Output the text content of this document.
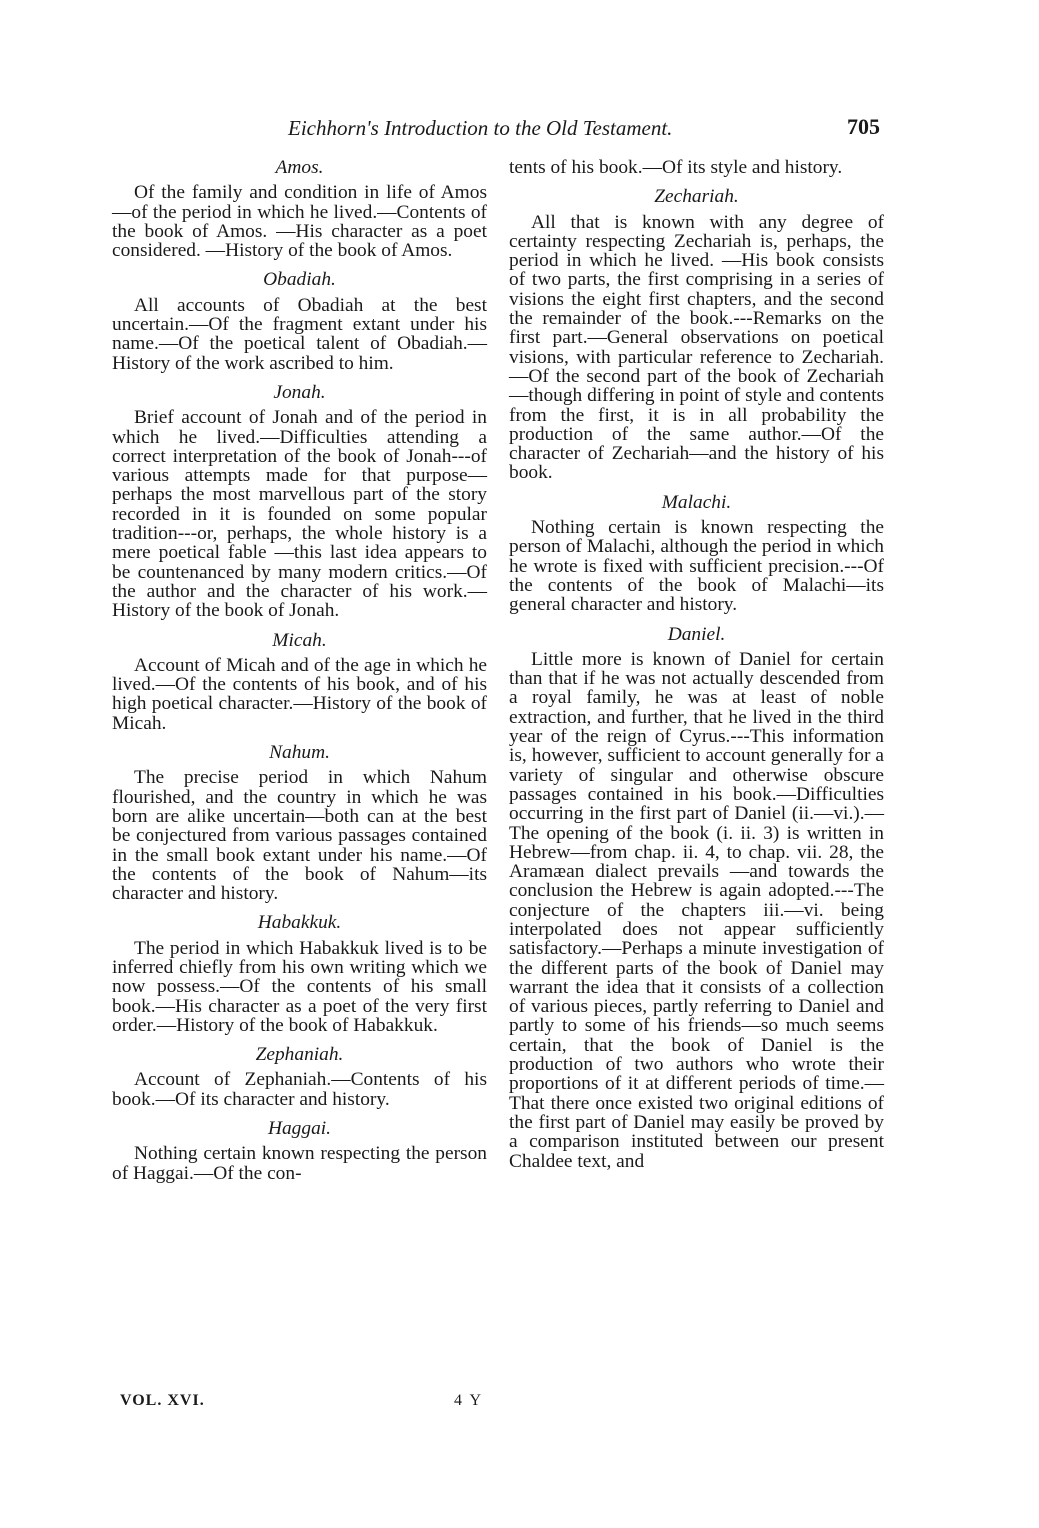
Eichhorn's Introduction to the Old Testament.	705
Amos.

Of the family and condition in life of Amos—of the period in which he lived.—Contents of the book of Amos. —His character as a poet considered. —History of the book of Amos.

Obadiah.

All accounts of Obadiah at the best uncertain.—Of the fragment extant under his name.—Of the poetical talent of Obadiah.—History of the work ascribed to him.

Jonah.

Brief account of Jonah and of the period in which he lived.—Difficulties attending a correct interpretation of the book of Jonah---of various attempts made for that purpose—perhaps the most marvellous part of the story recorded in it is founded on some popular tradition---or, perhaps, the whole history is a mere poetical fable —this last idea appears to be countenanced by many modern critics.—Of the author and the character of his work.—History of the book of Jonah.

Micah.

Account of Micah and of the age in which he lived.—Of the contents of his book, and of his high poetical character.—History of the book of Micah.

Nahum.

The precise period in which Nahum flourished, and the country in which he was born are alike uncertain—both can at the best be conjectured from various passages contained in the small book extant under his name.—Of the contents of the book of Nahum—its character and history.

Habakkuk.

The period in which Habakkuk lived is to be inferred chiefly from his own writing which we now possess.—Of the contents of his small book.—His character as a poet of the very first order.—History of the book of Habakkuk.

Zephaniah.

Account of Zephaniah.—Contents of his book.—Of its character and history.

Haggai.

Nothing certain known respecting the person of Haggai.—Of the con-

tents of his book.—Of its style and history.

Zechariah.

All that is known with any degree of certainty respecting Zechariah is, perhaps, the period in which he lived. —His book consists of two parts, the first comprising in a series of visions the eight first chapters, and the second the remainder of the book.---Remarks on the first part.—General observations on poetical visions, with particular reference to Zechariah.—Of the second part of the book of Zechariah —though differing in point of style and contents from the first, it is in all probability the production of the same author.—Of the character of Zechariah—and the history of his book.

Malachi.

Nothing certain is known respecting the person of Malachi, although the period in which he wrote is fixed with sufficient precision.---Of the contents of the book of Malachi—its general character and history.

Daniel.

Little more is known of Daniel for certain than that if he was not actually descended from a royal family, he was at least of noble extraction, and further, that he lived in the third year of the reign of Cyrus.---This information is, however, sufficient to account generally for a variety of singular and otherwise obscure passages contained in his book.—Difficulties occurring in the first part of Daniel (ii.—vi.).—The opening of the book (i. ii. 3) is written in Hebrew—from chap. ii. 4, to chap. vii. 28, the Aramæan dialect prevails —and towards the conclusion the Hebrew is again adopted.---The conjecture of the chapters iii.—vi. being interpolated does not appear sufficiently satisfactory.—Perhaps a minute investigation of the different parts of the book of Daniel may warrant the idea that it consists of a collection of various pieces, partly referring to Daniel and partly to some of his friends—so much seems certain, that the book of Daniel is the production of two authors who wrote their proportions of it at different periods of time.—That there once existed two original editions of the first part of Daniel may easily be proved by a comparison instituted between our present Chaldee text, and

VOL. XVI.	4 Y
